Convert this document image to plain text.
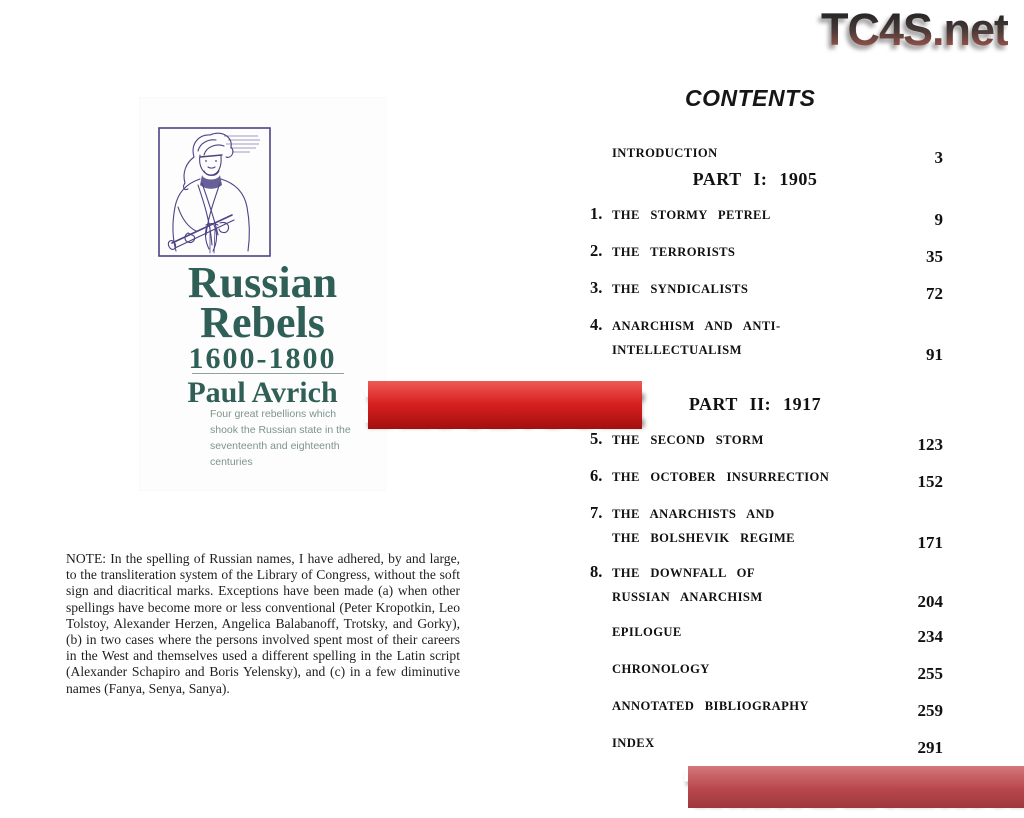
TC4S.net
Russian
Rebels
1600-1800
Paul Avrich
Four great rebellions which
shook the Russian state in the
seventeenth and eighteenth
centuries
NOTE: In the spelling of Russian names, I have adhered, by and large, to the transliteration system of the Library of Congress, without the soft sign and diacritical marks. Exceptions have been made (a) when other spellings have become more or less conventional (Peter Kropotkin, Leo Tolstoy, Alexander Herzen, Angelica Balabanoff, Trotsky, and Gorky), (b) in two cases where the persons involved spent most of their careers in the West and themselves used a different spelling in the Latin script (Alexander Schapiro and Boris Yelensky), and (c) in a few diminutive names (Fanya, Senya, Sanya).
CONTENTS
INTRODUCTION	3
PART I: 1905
1. THE STORMY PETREL	9
2. THE TERRORISTS	35
3. THE SYNDICALISTS	72
4. ANARCHISM AND ANTI-
INTELLECTUALISM	91
PART II: 1917
5. THE SECOND STORM	123
6. THE OCTOBER INSURRECTION	152
7. THE ANARCHISTS AND
THE BOLSHEVIK REGIME	171
8. THE DOWNFALL OF
RUSSIAN ANARCHISM	204
EPILOGUE	234
CHRONOLOGY	255
ANNOTATED BIBLIOGRAPHY	259
INDEX	291
